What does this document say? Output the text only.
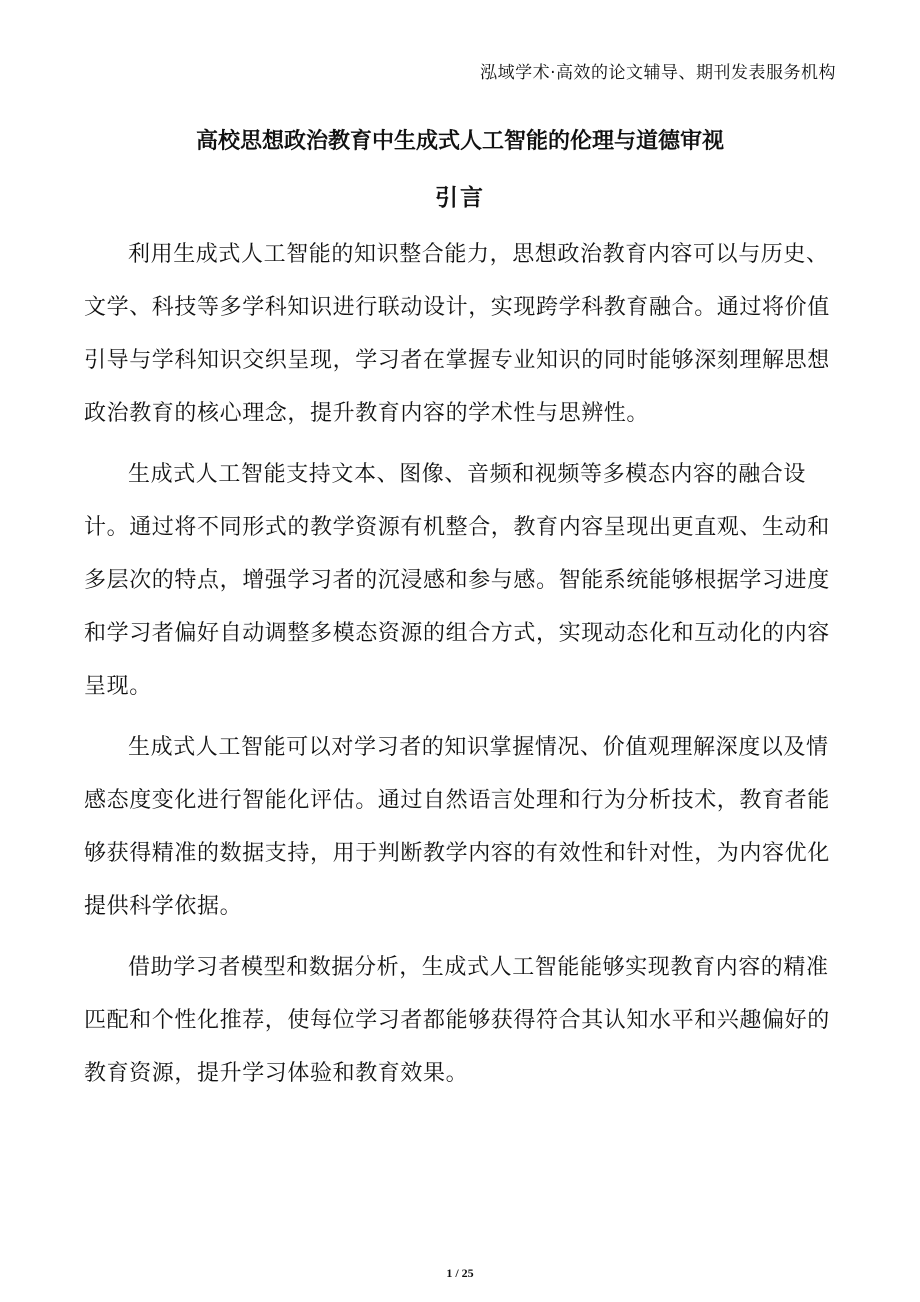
泓域学术·高效的论文辅导、期刊发表服务机构
高校思想政治教育中生成式人工智能的伦理与道德审视
引言

利用生成式人工智能的知识整合能力，思想政治教育内容可以与历史、文学、科技等多学科知识进行联动设计，实现跨学科教育融合。通过将价值引导与学科知识交织呈现，学习者在掌握专业知识的同时能够深刻理解思想政治教育的核心理念，提升教育内容的学术性与思辨性。

生成式人工智能支持文本、图像、音频和视频等多模态内容的融合设计。通过将不同形式的教学资源有机整合，教育内容呈现出更直观、生动和多层次的特点，增强学习者的沉浸感和参与感。智能系统能够根据学习进度和学习者偏好自动调整多模态资源的组合方式，实现动态化和互动化的内容呈现。

生成式人工智能可以对学习者的知识掌握情况、价值观理解深度以及情感态度变化进行智能化评估。通过自然语言处理和行为分析技术，教育者能够获得精准的数据支持，用于判断教学内容的有效性和针对性，为内容优化提供科学依据。

借助学习者模型和数据分析，生成式人工智能能够实现教育内容的精准匹配和个性化推荐，使每位学习者都能够获得符合其认知水平和兴趣偏好的教育资源，提升学习体验和教育效果。

1 / 25
